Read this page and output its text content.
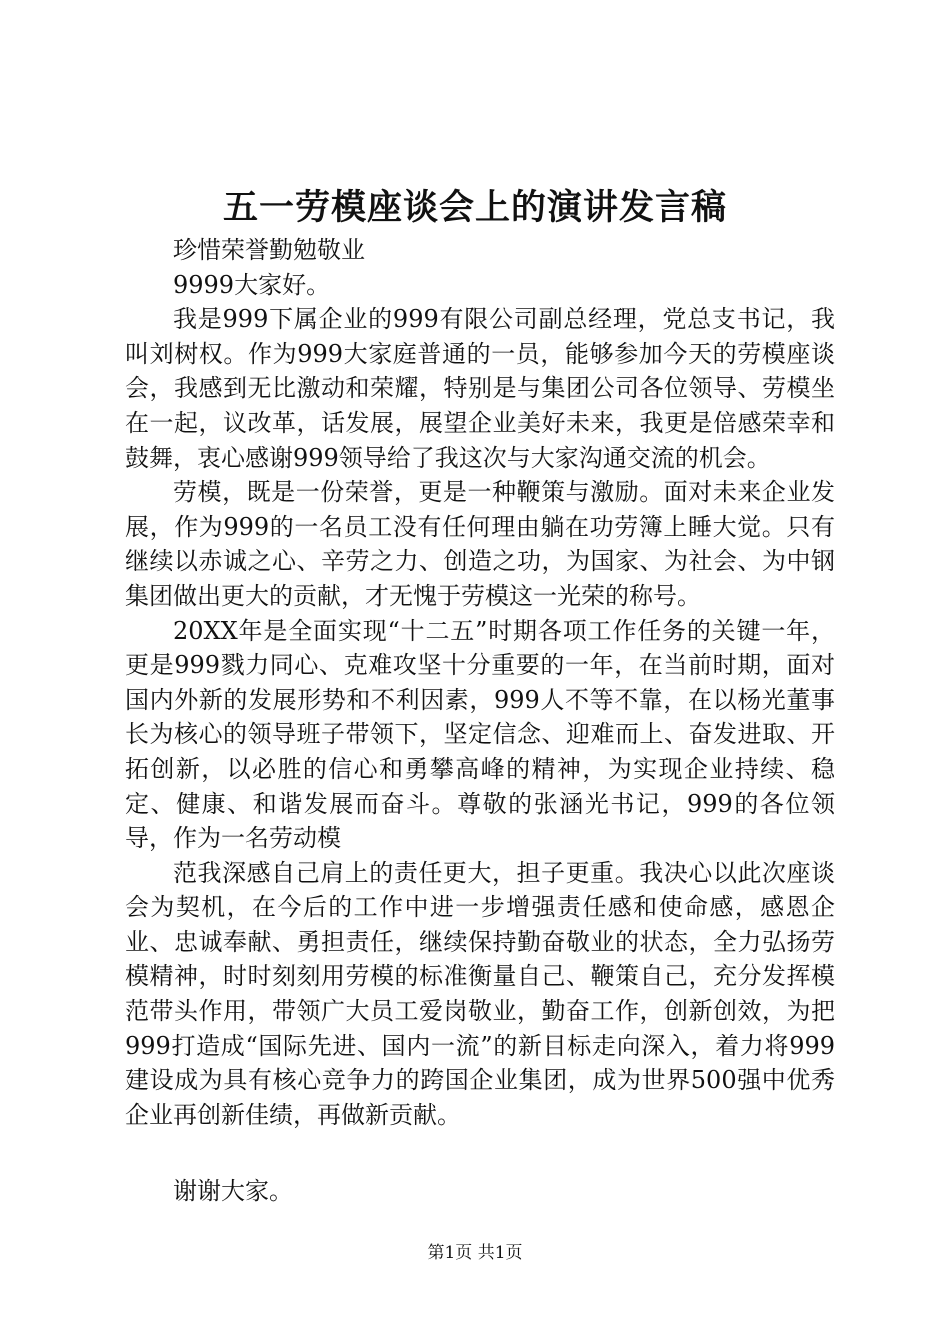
五一劳模座谈会上的演讲发言稿

珍惜荣誉勤勉敬业

9999大家好。

我是999下属企业的999有限公司副总经理，党总支书记，我叫刘树权。作为999大家庭普通的一员，能够参加今天的劳模座谈会，我感到无比激动和荣耀，特别是与集团公司各位领导、劳模坐在一起，议改革，话发展，展望企业美好未来，我更是倍感荣幸和鼓舞，衷心感谢999领导给了我这次与大家沟通交流的机会。

劳模，既是一份荣誉，更是一种鞭策与激励。面对未来企业发展，作为999的一名员工没有任何理由躺在功劳簿上睡大觉。只有继续以赤诚之心、辛劳之力、创造之功，为国家、为社会、为中钢集团做出更大的贡献，才无愧于劳模这一光荣的称号。

20XX年是全面实现“十二五”时期各项工作任务的关键一年，更是999戮力同心、克难攻坚十分重要的一年，在当前时期，面对国内外新的发展形势和不利因素，999人不等不靠，在以杨光董事长为核心的领导班子带领下，坚定信念、迎难而上、奋发进取、开拓创新，以必胜的信心和勇攀高峰的精神，为实现企业持续、稳定、健康、和谐发展而奋斗。尊敬的张涵光书记，999的各位领导，作为一名劳动模

范我深感自己肩上的责任更大，担子更重。我决心以此次座谈会为契机，在今后的工作中进一步增强责任感和使命感，感恩企业、忠诚奉献、勇担责任，继续保持勤奋敬业的状态，全力弘扬劳模精神，时时刻刻用劳模的标准衡量自己、鞭策自己，充分发挥模范带头作用，带领广大员工爱岗敬业，勤奋工作，创新创效，为把999打造成“国际先进、国内一流”的新目标走向深入，着力将999建设成为具有核心竞争力的跨国企业集团，成为世界500强中优秀企业再创新佳绩，再做新贡献。

谢谢大家。

第1页 共1页
